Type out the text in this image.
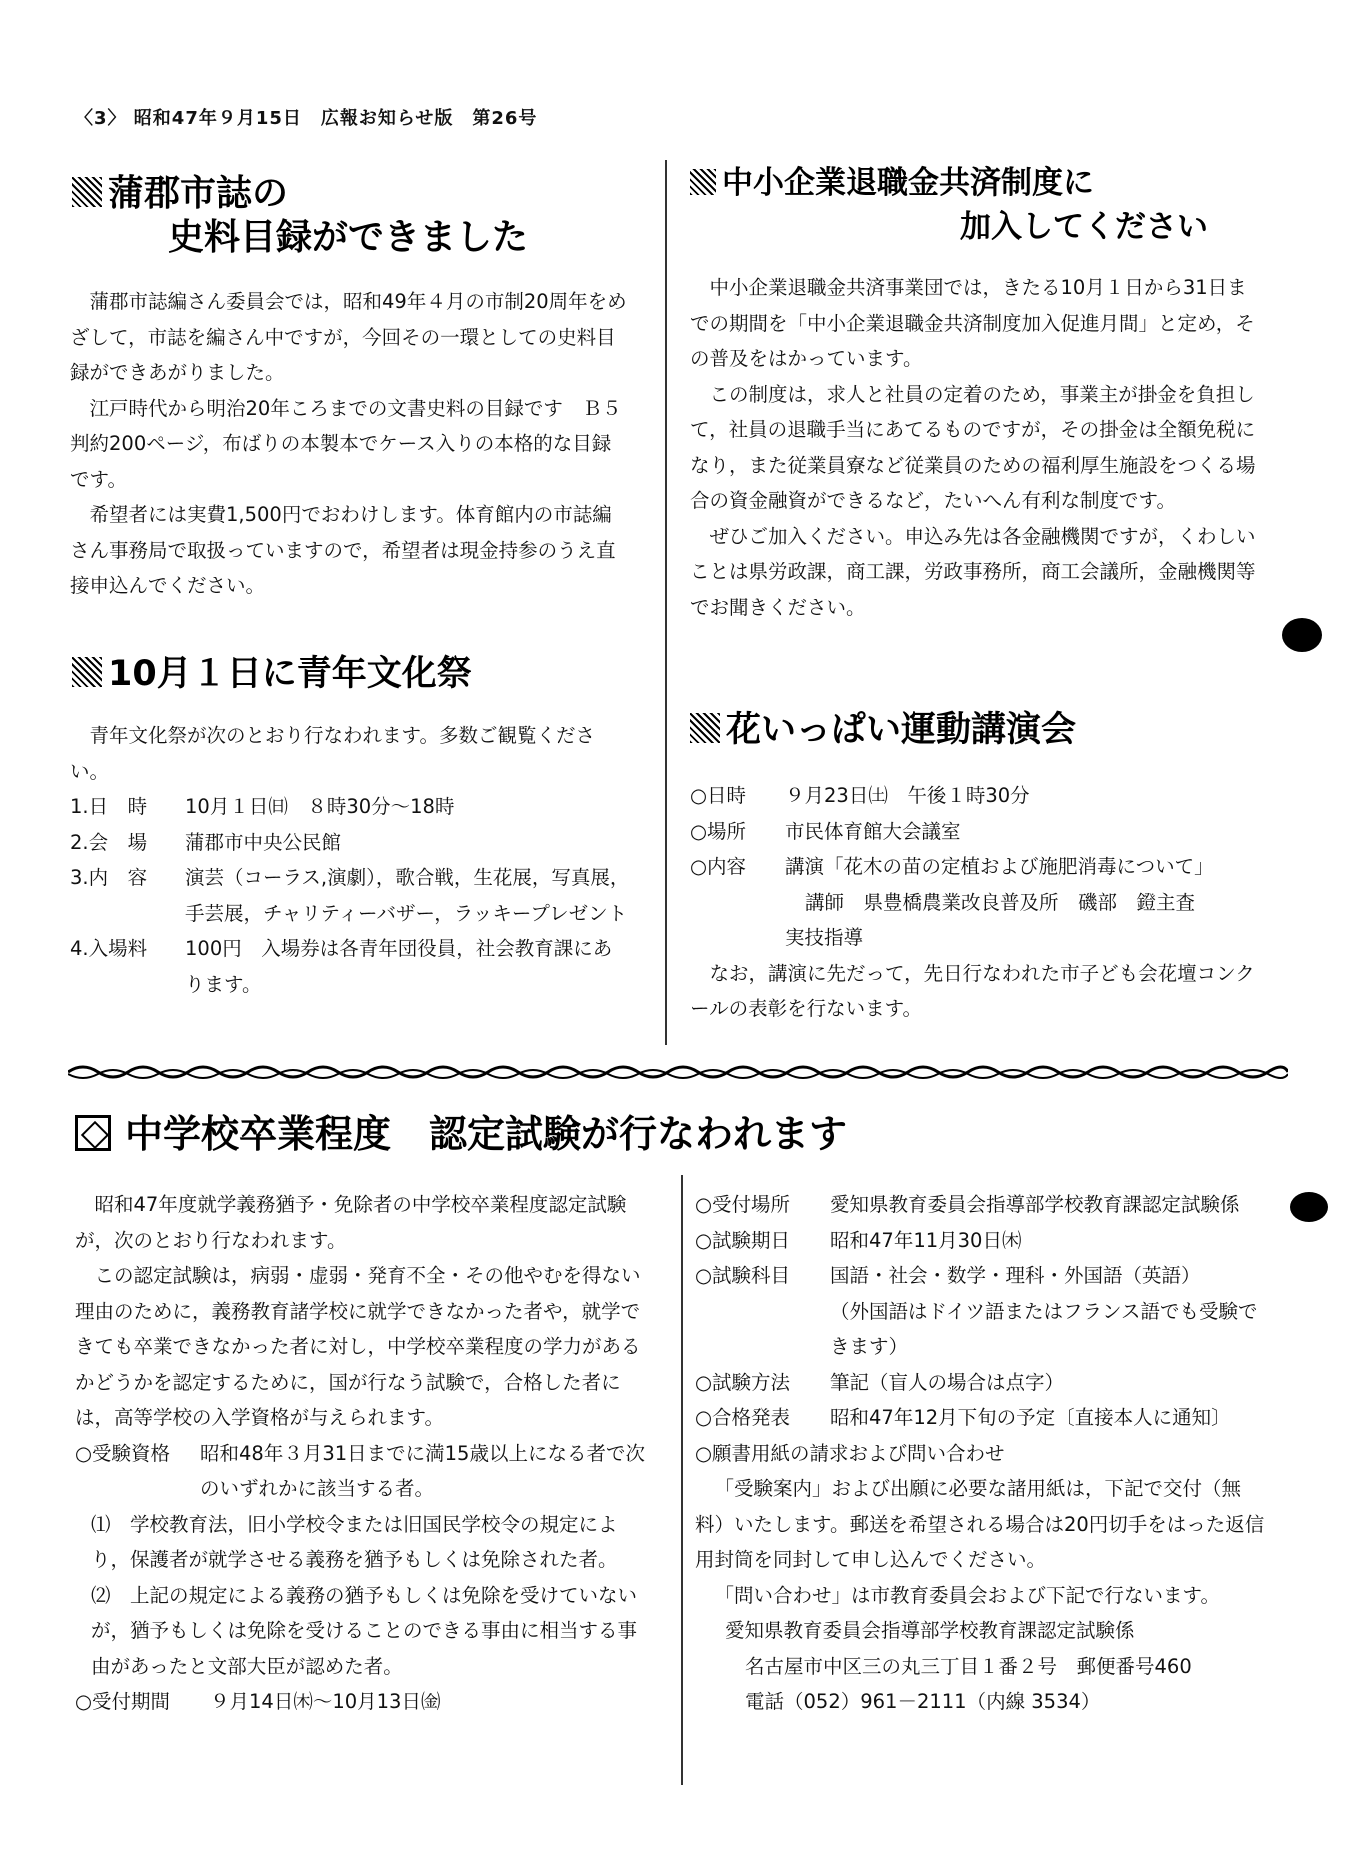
〈3〉 昭和47年９月15日　広報お知らせ版　第26号
蒲郡市誌の
史料目録ができました

蒲郡市誌編さん委員会では，昭和49年４月の市制20周年をめざして，市誌を編さん中ですが，今回その一環としての史料目録ができあがりました。

江戸時代から明治20年ころまでの文書史料の目録です　Ｂ５判約200ページ，布ばりの本製本でケース入りの本格的な目録です。

希望者には実費1,500円でおわけします。体育館内の市誌編さん事務局で取扱っていますので，希望者は現金持参のうえ直接申込んでください。

10月１日に青年文化祭

青年文化祭が次のとおり行なわれます。多数ご観覧ください。

1.日　時	10月１日㈰　８時30分～18時
2.会　場	蒲郡市中央公民館
3.内　容	演芸（コーラス,演劇），歌合戦，生花展，写真展，手芸展，チャリティーバザー，ラッキープレゼント
4.入場料	100円　入場券は各青年団役員，社会教育課にあります。
中小企業退職金共済制度に
加入してください

中小企業退職金共済事業団では，きたる10月１日から31日までの期間を「中小企業退職金共済制度加入促進月間」と定め，その普及をはかっています。

この制度は，求人と社員の定着のため，事業主が掛金を負担して，社員の退職手当にあてるものですが，その掛金は全額免税になり，また従業員寮など従業員のための福利厚生施設をつくる場合の資金融資ができるなど，たいへん有利な制度です。

ぜひご加入ください。申込み先は各金融機関ですが，くわしいことは県労政課，商工課，労政事務所，商工会議所，金融機関等でお聞きください。

花いっぱい運動講演会
○日時	９月23日㈯　午後１時30分
○場所	市民体育館大会議室
○内容	講演「花木の苗の定植および施肥消毒について」

講師　県豊橋農業改良普及所　磯部　鐙主査

実技指導

なお，講演に先だって，先日行なわれた市子ども会花壇コンクールの表彰を行ないます。

中学校卒業程度　認定試験が行なわれます

昭和47年度就学義務猶予・免除者の中学校卒業程度認定試験が，次のとおり行なわれます。

この認定試験は，病弱・虚弱・発育不全・その他やむを得ない理由のために，義務教育諸学校に就学できなかった者や，就学できても卒業できなかった者に対し，中学校卒業程度の学力があるかどうかを認定するために，国が行なう試験で，合格した者には，高等学校の入学資格が与えられます。

○受験資格	昭和48年３月31日までに満15歳以上になる者で次のいずれかに該当する者。

⑴　学校教育法，旧小学校令または旧国民学校令の規定により，保護者が就学させる義務を猶予もしくは免除された者。

⑵　上記の規定による義務の猶予もしくは免除を受けていないが，猶予もしくは免除を受けることのできる事由に相当する事由があったと文部大臣が認めた者。

○受付期間	９月14日㈭～10月13日㈮
○受付場所	愛知県教育委員会指導部学校教育課認定試験係
○試験期日	昭和47年11月30日㈭
○試験科目	国語・社会・数学・理科・外国語（英語）

（外国語はドイツ語またはフランス語でも受験できます）

○試験方法	筆記（盲人の場合は点字）
○合格発表	昭和47年12月下旬の予定〔直接本人に通知〕

○願書用紙の請求および問い合わせ

「受験案内」および出願に必要な諸用紙は，下記で交付（無料）いたします。郵送を希望される場合は20円切手をはった返信用封筒を同封して申し込んでください。

「問い合わせ」は市教育委員会および下記で行ないます。

愛知県教育委員会指導部学校教育課認定試験係

名古屋市中区三の丸三丁目１番２号　郵便番号460

電話（052）961－2111（内線 3534）
